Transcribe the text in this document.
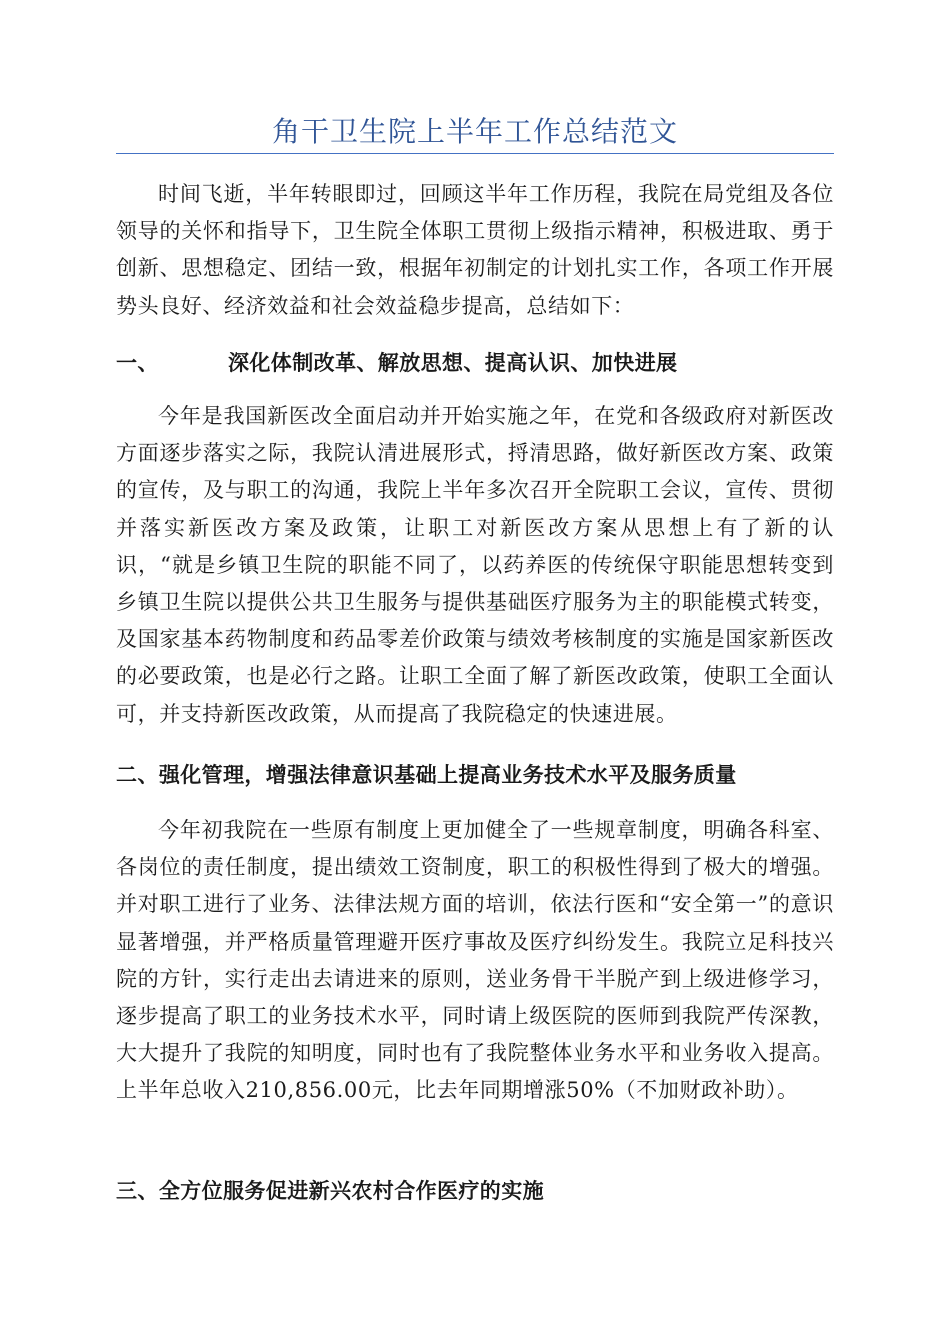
角干卫生院上半年工作总结范文

时间飞逝，半年转眼即过，回顾这半年工作历程，我院在局党组及各位领导的关怀和指导下，卫生院全体职工贯彻上级指示精神，积极进取、勇于创新、思想稳定、团结一致，根据年初制定的计划扎实工作，各项工作开展势头良好、经济效益和社会效益稳步提高，总结如下：

一、	深化体制改革、解放思想、提高认识、加快进展

今年是我国新医改全面启动并开始实施之年，在党和各级政府对新医改方面逐步落实之际，我院认清进展形式，捋清思路，做好新医改方案、政策的宣传，及与职工的沟通，我院上半年多次召开全院职工会议，宣传、贯彻并落实新医改方案及政策，让职工对新医改方案从思想上有了新的认识，“就是乡镇卫生院的职能不同了，以药养医的传统保守职能思想转变到乡镇卫生院以提供公共卫生服务与提供基础医疗服务为主的职能模式转变，及国家基本药物制度和药品零差价政策与绩效考核制度的实施是国家新医改的必要政策，也是必行之路。让职工全面了解了新医改政策，使职工全面认可，并支持新医改政策，从而提高了我院稳定的快速进展。

二、强化管理，增强法律意识基础上提高业务技术水平及服务质量

今年初我院在一些原有制度上更加健全了一些规章制度，明确各科室、各岗位的责任制度，提出绩效工资制度，职工的积极性得到了极大的增强。并对职工进行了业务、法律法规方面的培训，依法行医和“安全第一”的意识显著增强，并严格质量管理避开医疗事故及医疗纠纷发生。我院立足科技兴院的方针，实行走出去请进来的原则，送业务骨干半脱产到上级进修学习，逐步提高了职工的业务技术水平，同时请上级医院的医师到我院严传深教，大大提升了我院的知明度，同时也有了我院整体业务水平和业务收入提高。上半年总收入210,856.00元，比去年同期增涨50%（不加财政补助）。

三、全方位服务促进新兴农村合作医疗的实施
